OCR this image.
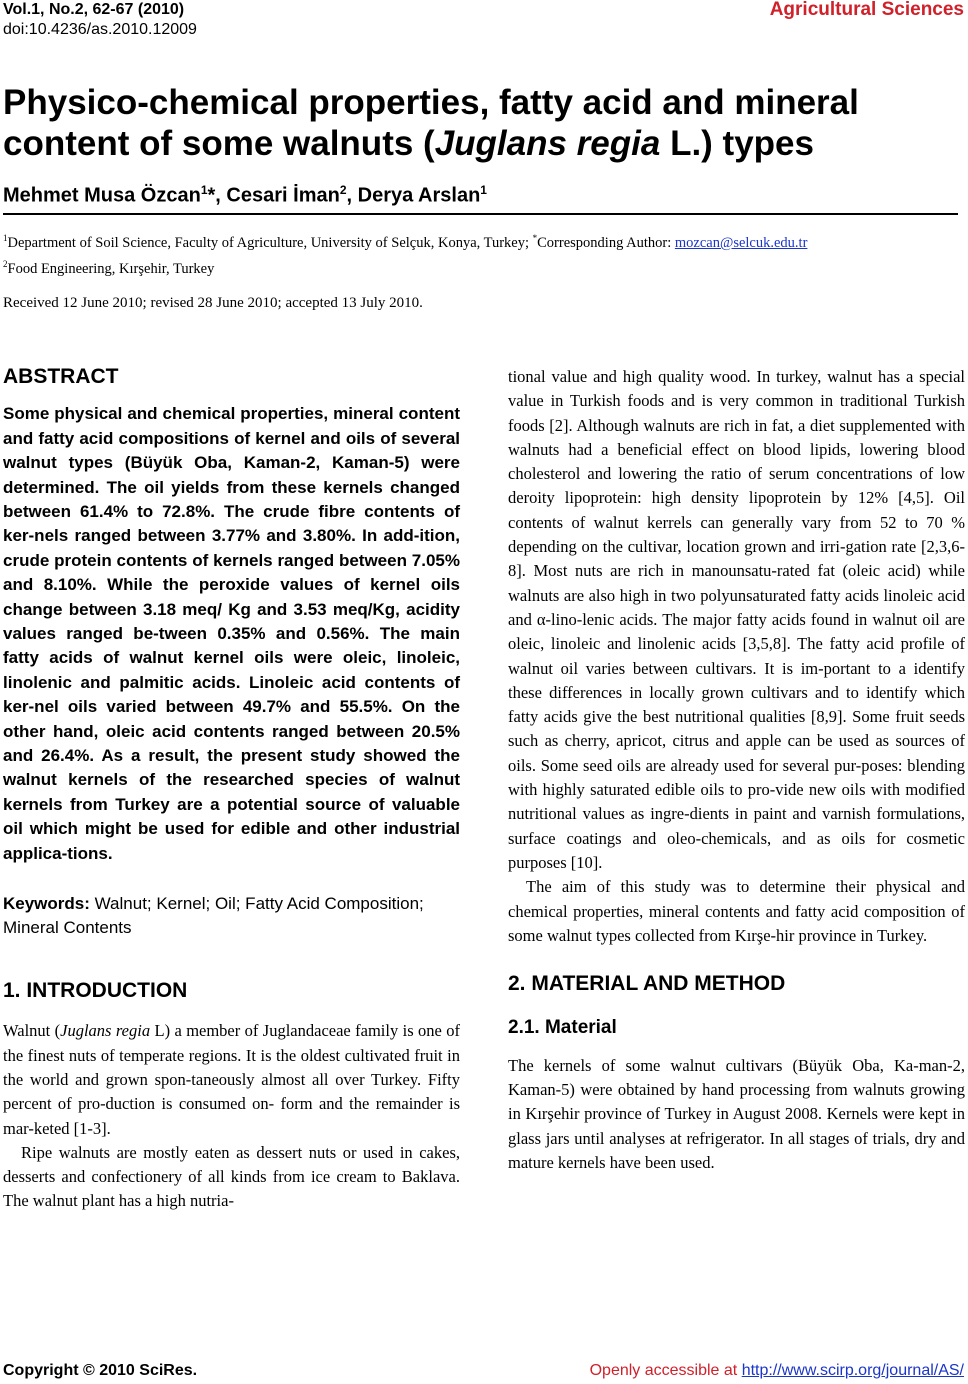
Vol.1, No.2, 62-67 (2010)
doi:10.4236/as.2010.12009
Agricultural Sciences
Physico-chemical properties, fatty acid and mineral content of some walnuts (Juglans regia L.) types
Mehmet Musa Özcan$^1$*, Cesari İman$^2$, Derya Arslan$^1$
$^1$Department of Soil Science, Faculty of Agriculture, University of Selçuk, Konya, Turkey; *Corresponding Author: mozcan@selcuk.edu.tr
$^2$Food Engineering, Kırşehir, Turkey
Received 12 June 2010; revised 28 June 2010; accepted 13 July 2010.
ABSTRACT

Some physical and chemical properties, mineral content and fatty acid compositions of kernel and oils of several walnut types (Büyük Oba, Kaman-2, Kaman-5) were determined. The oil yields from these kernels changed between 61.4% to 72.8%. The crude fibre contents of ker-nels ranged between 3.77% and 3.80%. In add-ition, crude protein contents of kernels ranged between 7.05% and 8.10%. While the peroxide values of kernel oils change between 3.18 meq/ Kg and 3.53 meq/Kg, acidity values ranged be-tween 0.35% and 0.56%. The main fatty acids of walnut kernel oils were oleic, linoleic, linolenic and palmitic acids. Linoleic acid contents of ker-nel oils varied between 49.7% and 55.5%. On the other hand, oleic acid contents ranged between 20.5% and 26.4%. As a result, the present study showed the walnut kernels of the researched species of walnut kernels from Turkey are a potential source of valuable oil which might be used for edible and other industrial applica-tions.

Keywords: Walnut; Kernel; Oil; Fatty Acid Composition; Mineral Contents

1. INTRODUCTION

Walnut (Juglans regia L) a member of Juglandaceae family is one of the finest nuts of temperate regions. It is the oldest cultivated fruit in the world and grown spon-taneously almost all over Turkey. Fifty percent of pro-duction is consumed on- form and the remainder is mar-keted [1-3].

Ripe walnuts are mostly eaten as dessert nuts or used in cakes, desserts and confectionery of all kinds from ice cream to Baklava. The walnut plant has a high nutria-

tional value and high quality wood. In turkey, walnut has a special value in Turkish foods and is very common in traditional Turkish foods [2]. Although walnuts are rich in fat, a diet supplemented with walnuts had a beneficial effect on blood lipids, lowering blood cholesterol and lowering the ratio of serum concentrations of low deroity lipoprotein: high density lipoprotein by 12% [4,5]. Oil contents of walnut kerrels can generally vary from 52 to 70 % depending on the cultivar, location grown and irri-gation rate [2,3,6-8]. Most nuts are rich in manounsatu-rated fat (oleic acid) while walnuts are also high in two polyunsaturated fatty acids linoleic acid and α-lino-lenic acids. The major fatty acids found in walnut oil are oleic, linoleic and linolenic acids [3,5,8]. The fatty acid profile of walnut oil varies between cultivars. It is im-portant to a identify these differences in locally grown cultivars and to identify which fatty acids give the best nutritional qualities [8,9]. Some fruit seeds such as cherry, apricot, citrus and apple can be used as sources of oils. Some seed oils are already used for several pur-poses: blending with highly saturated edible oils to pro-vide new oils with modified nutritional values as ingre-dients in paint and varnish formulations, surface coatings and oleo-chemicals, and as oils for cosmetic purposes [10].

The aim of this study was to determine their physical and chemical properties, mineral contents and fatty acid composition of some walnut types collected from Kırşe-hir province in Turkey.

2. MATERIAL AND METHOD
2.1. Material

The kernels of some walnut cultivars (Büyük Oba, Ka-man-2, Kaman-5) were obtained by hand processing from walnuts growing in Kırşehir province of Turkey in August 2008. Kernels were kept in glass jars until analyses at refrigerator. In all stages of trials, dry and mature kernels have been used.

Copyright © 2010 SciRes.	Openly accessible at http://www.scirp.org/journal/AS/
